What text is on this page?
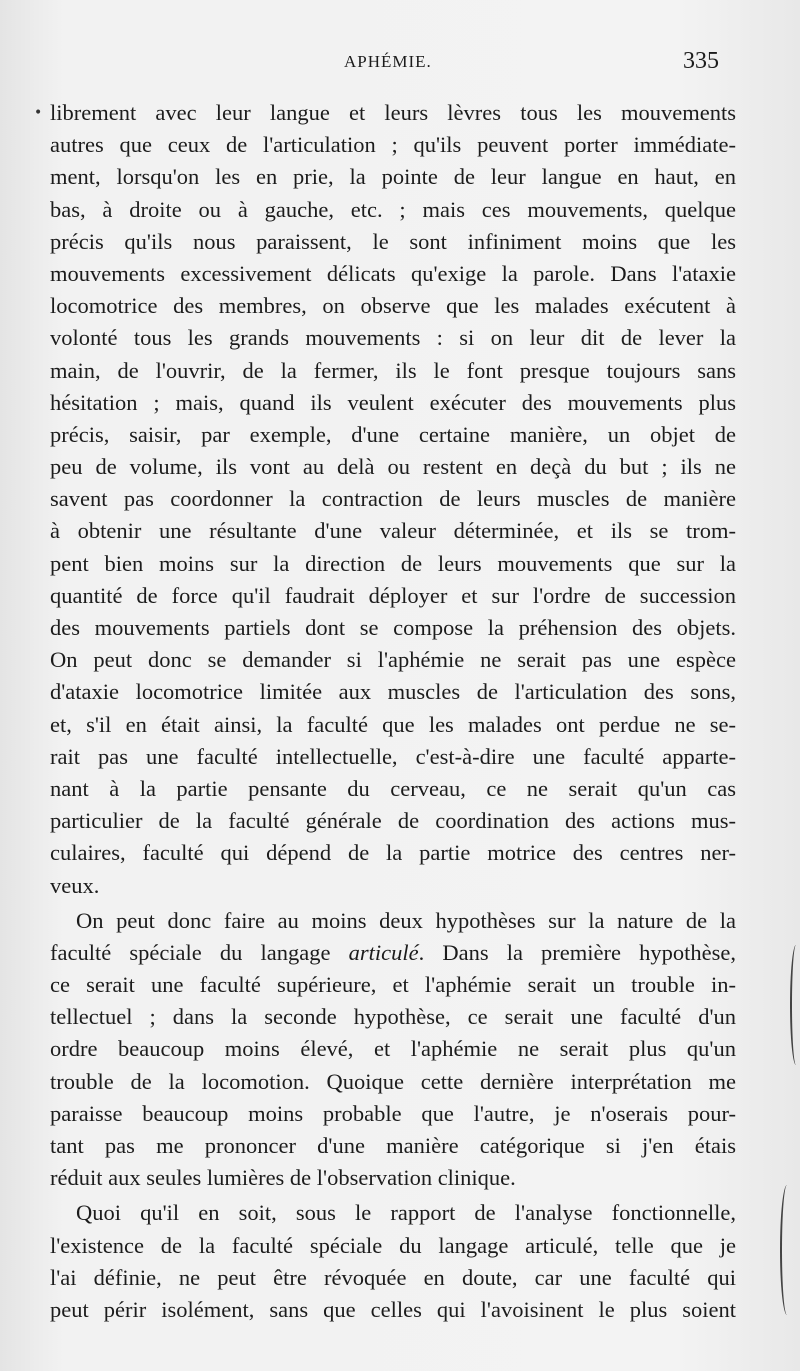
APHÉMIE.	335
• librement avec leur langue et leurs lèvres tous les mouvements
autres que ceux de l'articulation ; qu'ils peuvent porter immédiate-
ment, lorsqu'on les en prie, la pointe de leur langue en haut, en
bas, à droite ou à gauche, etc. ; mais ces mouvements, quelque
précis qu'ils nous paraissent, le sont infiniment moins que les
mouvements excessivement délicats qu'exige la parole. Dans l'ataxie
locomotrice des membres, on observe que les malades exécutent à
volonté tous les grands mouvements : si on leur dit de lever la
main, de l'ouvrir, de la fermer, ils le font presque toujours sans
hésitation ; mais, quand ils veulent exécuter des mouvements plus
précis, saisir, par exemple, d'une certaine manière, un objet de
peu de volume, ils vont au delà ou restent en deçà du but ; ils ne
savent pas coordonner la contraction de leurs muscles de manière
à obtenir une résultante d'une valeur déterminée, et ils se trom-
pent bien moins sur la direction de leurs mouvements que sur la
quantité de force qu'il faudrait déployer et sur l'ordre de succession
des mouvements partiels dont se compose la préhension des objets.
On peut donc se demander si l'aphémie ne serait pas une espèce
d'ataxie locomotrice limitée aux muscles de l'articulation des sons,
et, s'il en était ainsi, la faculté que les malades ont perdue ne se-
rait pas une faculté intellectuelle, c'est-à-dire une faculté apparte-
nant à la partie pensante du cerveau, ce ne serait qu'un cas
particulier de la faculté générale de coordination des actions mus-
culaires, faculté qui dépend de la partie motrice des centres ner-
veux.
On peut donc faire au moins deux hypothèses sur la nature de la
faculté spéciale du langage articulé. Dans la première hypothèse,
ce serait une faculté supérieure, et l'aphémie serait un trouble in-
tellectuel ; dans la seconde hypothèse, ce serait une faculté d'un
ordre beaucoup moins élevé, et l'aphémie ne serait plus qu'un
trouble de la locomotion. Quoique cette dernière interprétation me
paraisse beaucoup moins probable que l'autre, je n'oserais pour-
tant pas me prononcer d'une manière catégorique si j'en étais
réduit aux seules lumières de l'observation clinique.
Quoi qu'il en soit, sous le rapport de l'analyse fonctionnelle,
l'existence de la faculté spéciale du langage articulé, telle que je
l'ai définie, ne peut être révoquée en doute, car une faculté qui
peut périr isolément, sans que celles qui l'avoisinent le plus soient
